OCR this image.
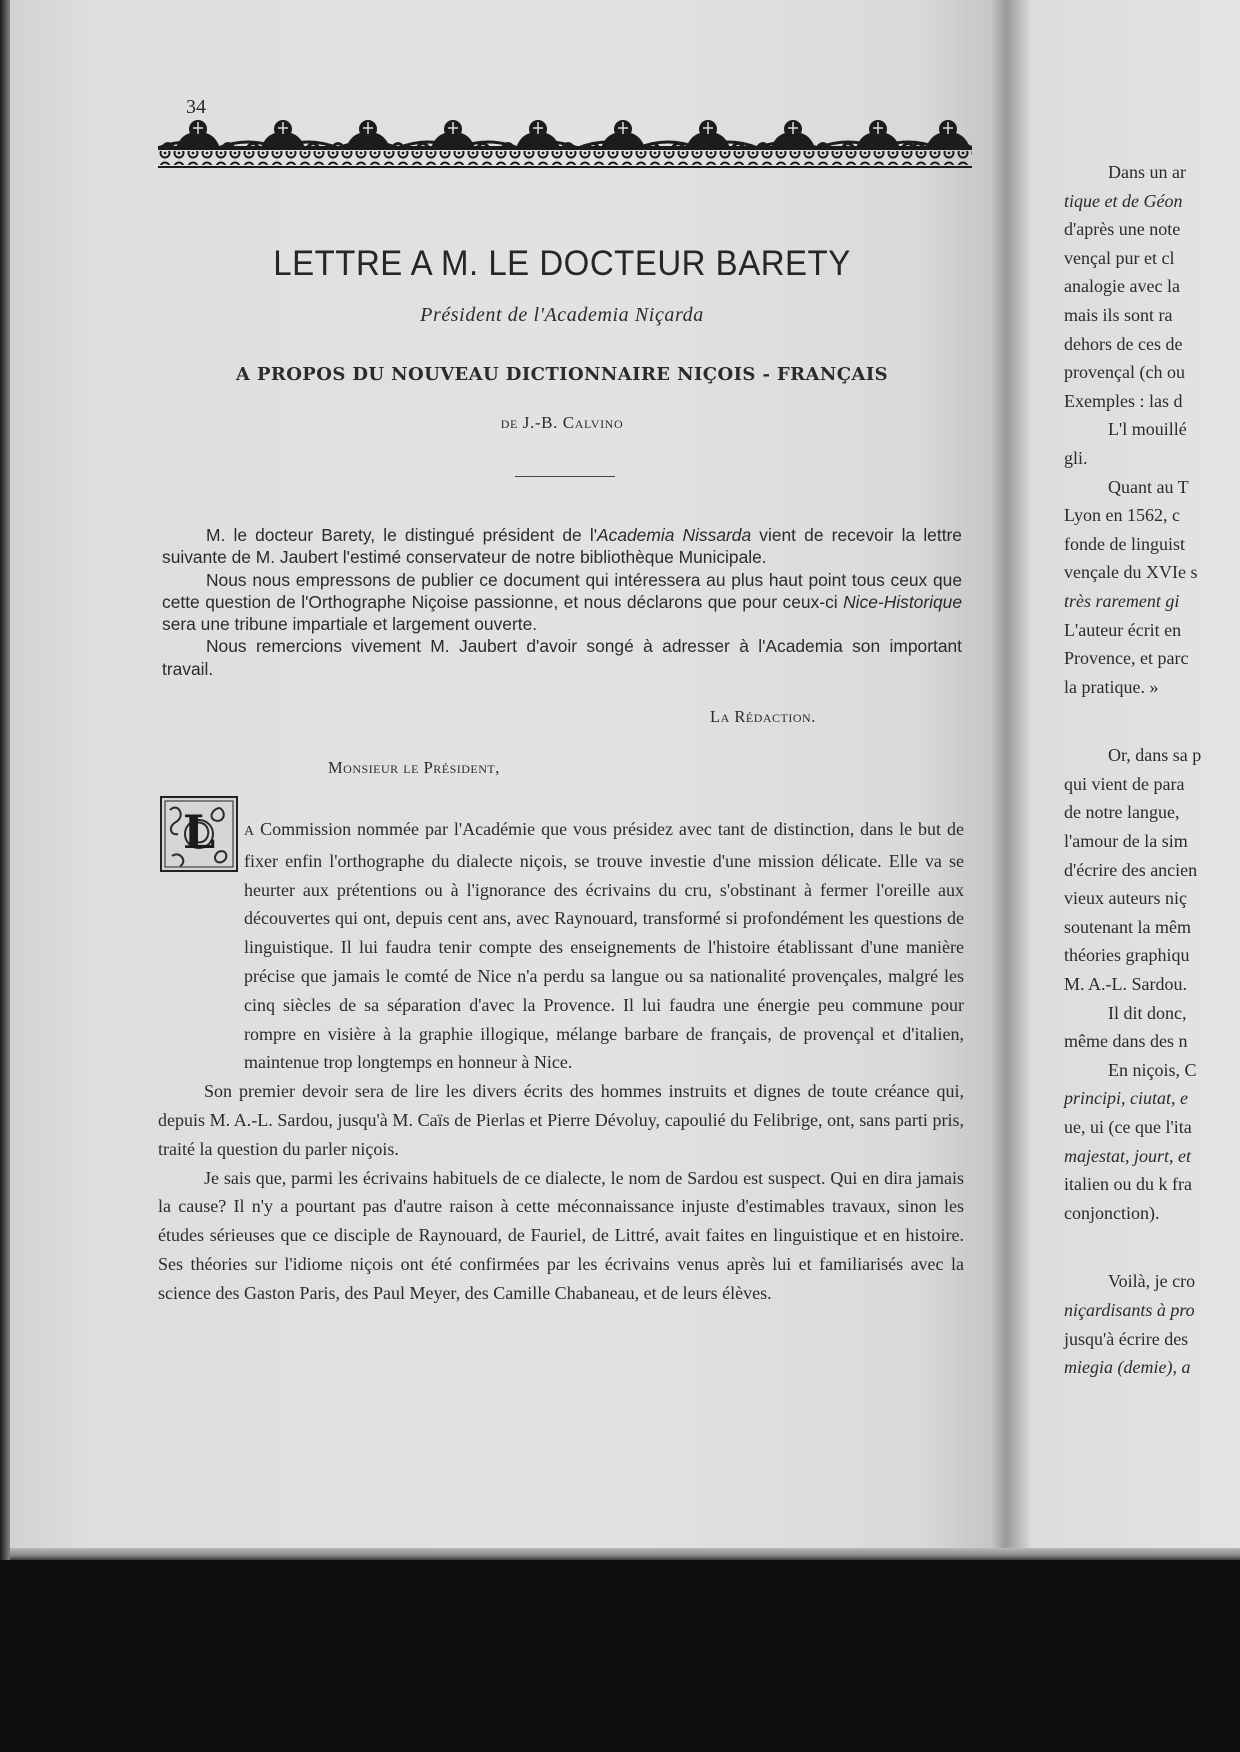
34
LETTRE A M. LE DOCTEUR BARETY
Président de l'Academia Niçarda
A PROPOS DU NOUVEAU DICTIONNAIRE NIÇOIS - FRANÇAIS
de J.-B. Calvino

M. le docteur Barety, le distingué président de l'Academia Nissarda vient de recevoir la lettre suivante de M. Jaubert l'estimé conservateur de notre bibliothèque Municipale.

Nous nous empressons de publier ce document qui intéressera au plus haut point tous ceux que cette question de l'Orthographe Niçoise passionne, et nous déclarons que pour ceux-ci Nice-Historique sera une tribune impartiale et largement ouverte.

Nous remercions vivement M. Jaubert d'avoir songé à adresser à l'Academia son important travail.

La Rédaction.
Monsieur le Président,
L	A Commission nommée par l'Académie que vous présidez avec tant de distinction, dans le but de fixer enfin l'orthographe du dialecte niçois, se trouve investie d'une mission délicate. Elle va se heurter aux prétentions ou à l'ignorance des écrivains du cru, s'obstinant à fermer l'oreille aux découvertes qui ont, depuis cent ans, avec Raynouard, transformé si profondément les questions de linguistique. Il lui faudra tenir compte des enseignements de l'histoire établissant d'une manière précise que jamais le comté de Nice n'a perdu sa langue ou sa nationalité provençales, malgré les cinq siècles de sa séparation d'avec la Provence. Il lui faudra une énergie peu commune pour rompre en visière à la graphie illogique, mélange barbare de français, de provençal et d'italien, maintenue trop longtemps en honneur à Nice.

Son premier devoir sera de lire les divers écrits des hommes instruits et dignes de toute créance qui, depuis M. A.-L. Sardou, jusqu'à M. Caïs de Pierlas et Pierre Dévoluy, capoulié du Felibrige, ont, sans parti pris, traité la question du parler niçois.

Je sais que, parmi les écrivains habituels de ce dialecte, le nom de Sardou est suspect. Qui en dira jamais la cause? Il n'y a pourtant pas d'autre raison à cette méconnaissance injuste d'estimables travaux, sinon les études sérieuses que ce disciple de Raynouard, de Fauriel, de Littré, avait faites en linguistique et en histoire. Ses théories sur l'idiome niçois ont été confirmées par les écrivains venus après lui et familiarisés avec la science des Gaston Paris, des Paul Meyer, des Camille Chabaneau, et de leurs élèves.

Dans un ar
tique et de Géon
d'après une note
vençal pur et cl
analogie avec la
mais ils sont ra
dehors de ces de
provençal (ch ou
Exemples : las d
L'l mouillé
gli.
Quant au T
Lyon en 1562, c
fonde de linguist
vençale du XVIe s
très rarement gi
L'auteur écrit en
Provence, et parc
la pratique. »
Or, dans sa p
qui vient de para
de notre langue,
l'amour de la sim
d'écrire des ancien
vieux auteurs niç
soutenant la mêm
théories graphiqu
M. A.-L. Sardou.
Il dit donc,
même dans des n
En niçois, C
principi, ciutat, e
ue, ui (ce que l'ita
majestat, jourt, et
italien ou du k fra
conjonction).
Voilà, je cro
niçardisants à pro
jusqu'à écrire des
miegia (demie), a
